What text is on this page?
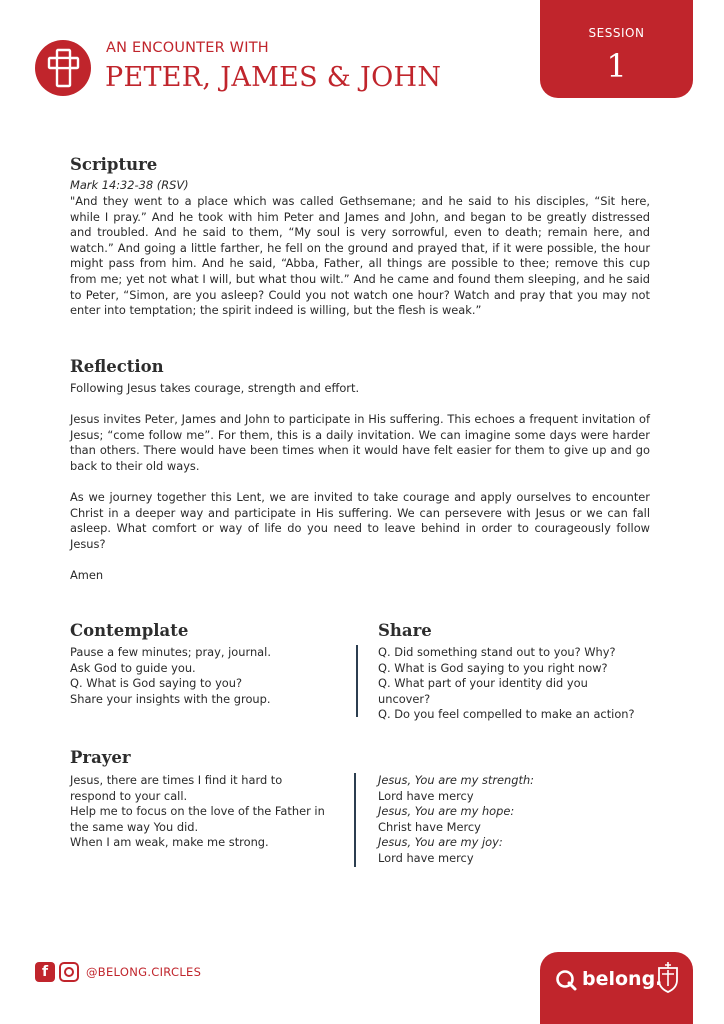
AN ENCOUNTER WITH
PETER, JAMES & JOHN
SESSION
1
Scripture
Mark 14:32-38 (RSV)
"And they went to a place which was called Gethsemane; and he said to his disciples, “Sit here, while I pray.” And he took with him Peter and James and John, and began to be greatly distressed and troubled. And he said to them, “My soul is very sorrowful, even to death; remain here, and watch.” And going a little farther, he fell on the ground and prayed that, if it were possible, the hour might pass from him. And he said, “Abba, Father, all things are possible to thee; remove this cup from me; yet not what I will, but what thou wilt.” And he came and found them sleeping, and he said to Peter, “Simon, are you asleep? Could you not watch one hour? Watch and pray that you may not enter into temptation; the spirit indeed is willing, but the flesh is weak.”
Reflection

Following Jesus takes courage, strength and effort.

Jesus invites Peter, James and John to participate in His suffering. This echoes a frequent invitation of Jesus; “come follow me”. For them, this is a daily invitation. We can imagine some days were harder than others. There would have been times when it would have felt easier for them to give up and go back to their old ways.

As we journey together this Lent, we are invited to take courage and apply ourselves to encounter Christ in a deeper way and participate in His suffering. We can persevere with Jesus or we can fall asleep. What comfort or way of life do you need to leave behind in order to courageously follow Jesus?

Amen

Contemplate
Pause a few minutes; pray, journal.
Ask God to guide you.
Q. What is God saying to you?
Share your insights with the group.
Share
Q. Did something stand out to you? Why?
Q. What is God saying to you right now?
Q. What part of your identity did you
uncover?
Q. Do you feel compelled to make an action?
Prayer
Jesus, there are times I find it hard to
respond to your call.
Help me to focus on the love of the Father in
the same way You did.
When I am weak, make me strong.
Jesus, You are my strength:
Lord have mercy
Jesus, You are my hope:
Christ have Mercy
Jesus, You are my joy:
Lord have mercy
f	@BELONG.CIRCLES	belong.
